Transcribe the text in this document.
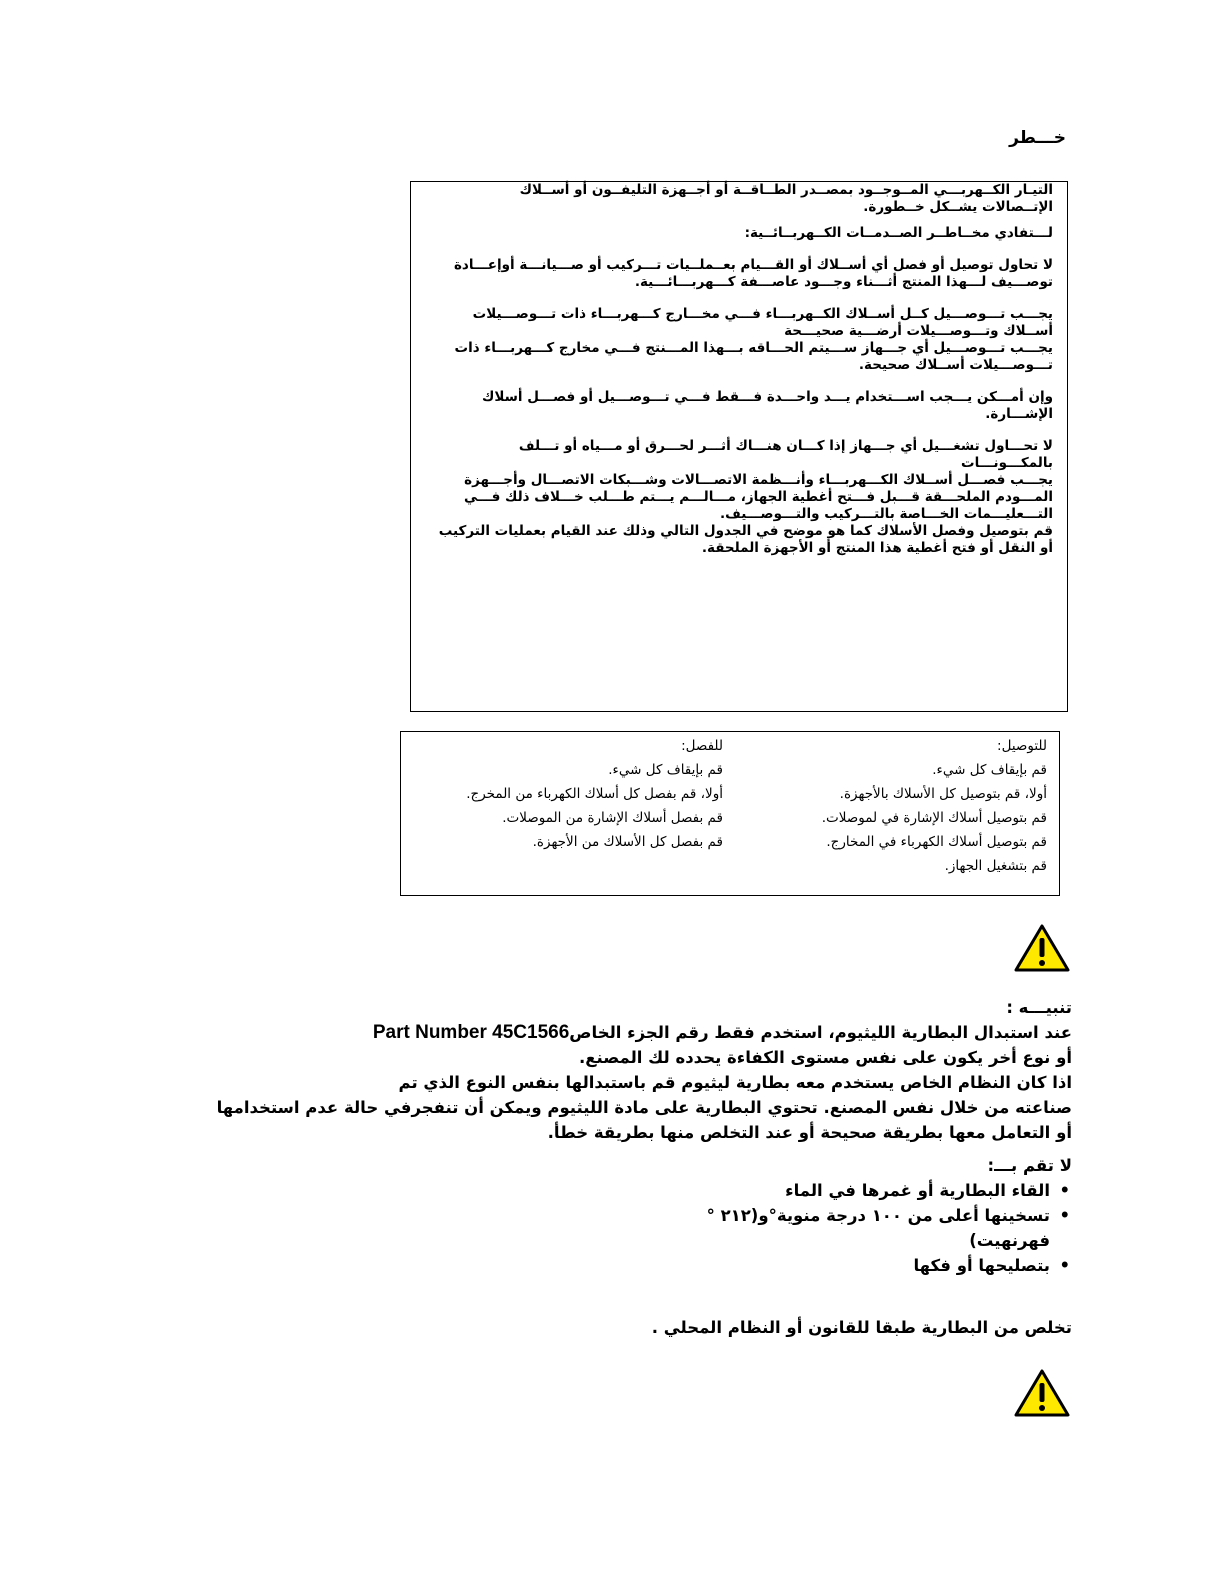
خـــطر
التيـار الكــهربـــي المــوجــود بمصــدر الطــاقــة أو أجــهزة التليفــون أو أســلاك
الإتــصالات يشــكل خــطورة.
لـــتفادي مخــاطــر الصــدمــات الكــهربــائــية:
لا تحاول توصيل أو فصل أي أســلاك أو القـــيام بعــملــيات تـــركيب أو صـــيانـــة أوإعـــادة
توصـــيف لـــهذا المنتج أثـــناء وجـــود عاصـــفة كـــهربـــائـــية.
يجـــب تـــوصـــيل كــل أســلاك الكــهربـــاء فـــي مخـــارج كـــهربـــاء ذات تـــوصـــيلات
أســلاك وتـــوصـــيلات أرضـــية صحيـــحة
يجـــب تـــوصـــيل أي جـــهاز ســـيتم الحـــاقه بـــهذا المـــنتج فـــي مخارج كـــهربـــاء ذات
تـــوصـــيلات أســلاك صحيحة.
وإن أمـــكن يـــجب اســـتخدام يـــد واحـــدة فـــقط فـــي تـــوصـــيل أو فصـــل أسلاك
الإشـــارة.
لا تحـــاول تشغـــيل أي جـــهاز إذا كـــان هنـــاك أثـــر لحـــرق أو مـــياه أو تـــلف
بالمكـــونـــات
يجـــب فصـــل أســلاك الكـــهربـــاء وأنـــظمة الاتصـــالات وشـــبكات الاتصـــال وأجـــهزة
المـــودم الملحـــقة قـــبل فـــتح أغطية الجهاز، مـــالـــم يـــتم طـــلب خـــلاف ذلك فـــي
التـــعليـــمات الخـــاصة بالتـــركيب والتـــوصـــيف.
قم بتوصيل وفصل الأسلاك كما هو موضح في الجدول التالي وذلك عند القيام بعمليات التركيب
أو النقل أو فتح أغطية هذا المنتج أو الأجهزة الملحقة.
للتوصيل:
قم بإيقاف كل شيء.
أولا، قم بتوصيل كل الأسلاك بالأجهزة.
قم بتوصيل أسلاك الإشارة في لموصلات.
قم بتوصيل أسلاك الكهرباء في المخارج.
قم بتشغيل الجهاز.
للفصل:
قم بإيقاف كل شيء.
أولا، قم بفصل كل أسلاك الكهرباء من المخرج.
قم بفصل أسلاك الإشارة من الموصلات.
قم بفصل كل الأسلاك من الأجهزة.
تنبيـــه :
عند استبدال البطارية الليثيوم، استخدم فقط رقم الجزء الخاصPart Number 45C1566
أو نوع أخر يكون على نفس مستوى الكفاءة يحدده لك المصنع.
اذا كان النظام الخاص يستخدم معه بطارية ليثيوم قم باستبدالها بنفس النوع الذي تم
صناعته من خلال نفس المصنع. تحتوي البطارية على مادة الليثيوم ويمكن أن تنفجرفي حالة عدم استخدامها
أو التعامل معها بطريقة صحيحة أو عند التخلص منها بطريقة خطأ.
لا تقم بـــ:
• القاء البطارية أو غمرها في الماء
• تسخينها أعلى من ١٠٠ درجة منوية°و(٢١٢ °
فهرنهيت)
• بتصليحها أو فكها
تخلص من البطارية طبقا للقانون أو النظام المحلي .
